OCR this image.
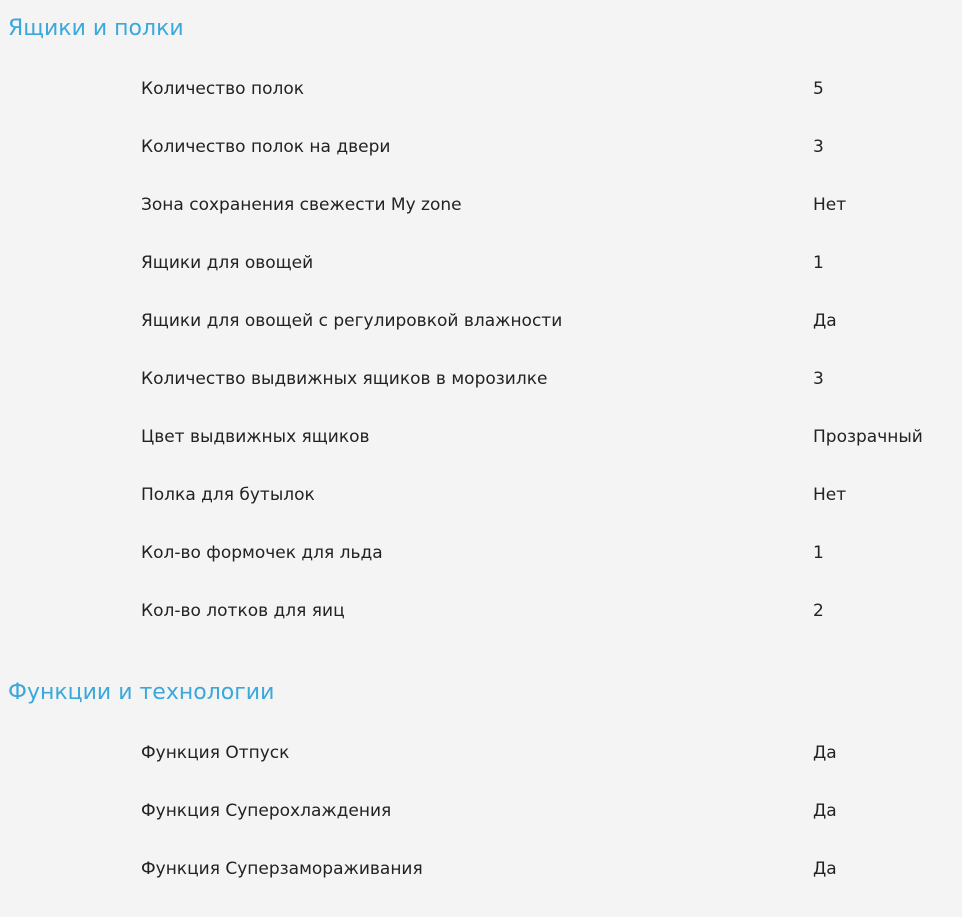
Ящики и полки
Количество полок	5
Количество полок на двери	3
Зона сохранения свежести My zone	Нет
Ящики для овощей	1
Ящики для овощей с регулировкой влажности	Да
Количество выдвижных ящиков в морозилке	3
Цвет выдвижных ящиков	Прозрачный
Полка для бутылок	Нет
Кол-во формочек для льда	1
Кол-во лотков для яиц	2
Функции и технологии
Функция Отпуск	Да
Функция Суперохлаждения	Да
Функция Суперзамораживания	Да
